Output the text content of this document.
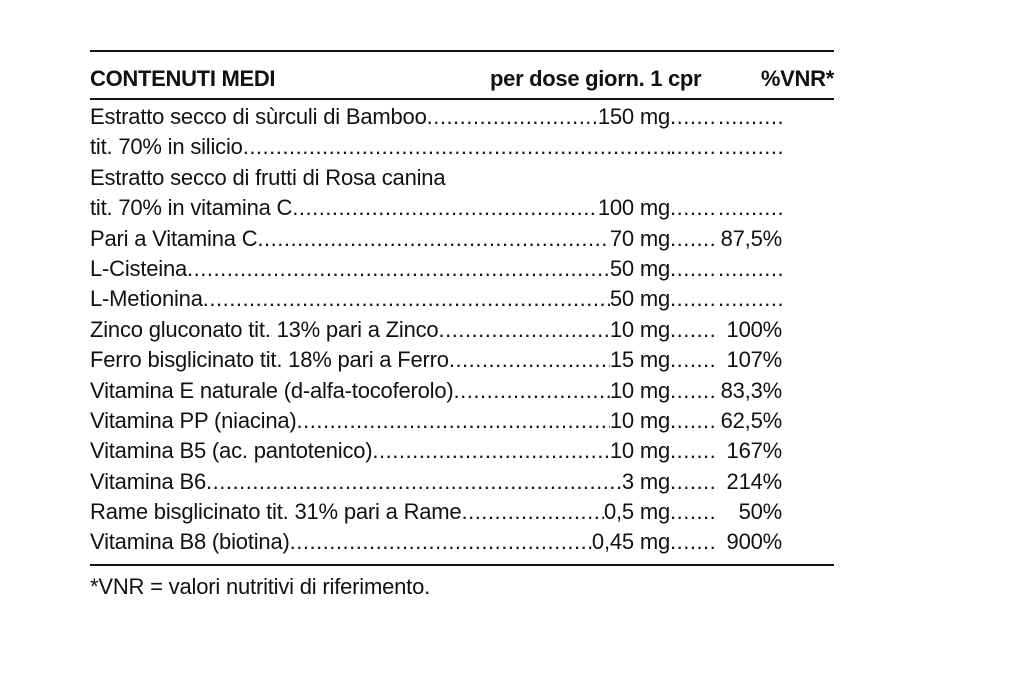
CONTENUTI MEDI	per dose giorn. 1 cpr	%VNR*
Estratto secco di sùrculi di Bamboo .....	150 mg
.....
.....
tit. 70% in silicio
.....
.....
.....
Estratto secco di frutti di Rosa canina
tit. 70% in vitamina C .....	100 mg
.....
.....
Pari a Vitamina C .....	70 mg ..... 87,5%
L-Cisteina .....	50 mg
.....
.....
L-Metionina .....	50 mg
.....
.....
Zinco gluconato tit. 13% pari a Zinco .....	10 mg .....	100%
Ferro bisglicinato tit. 18% pari a Ferro .....	15 mg .....	107%
Vitamina E naturale (d-alfa-tocoferolo) .....	10 mg ..... 83,3%
Vitamina PP (niacina) .....	10 mg ..... 62,5%
Vitamina B5 (ac. pantotenico) .....	10 mg .....	167%
Vitamina B6 .....	3 mg .....	214%
Rame bisglicinato tit. 31% pari a Rame .....	0,5 mg .....	50%
Vitamina B8 (biotina) .....	0,45 mg .....	900%
*VNR = valori nutritivi di riferimento.
